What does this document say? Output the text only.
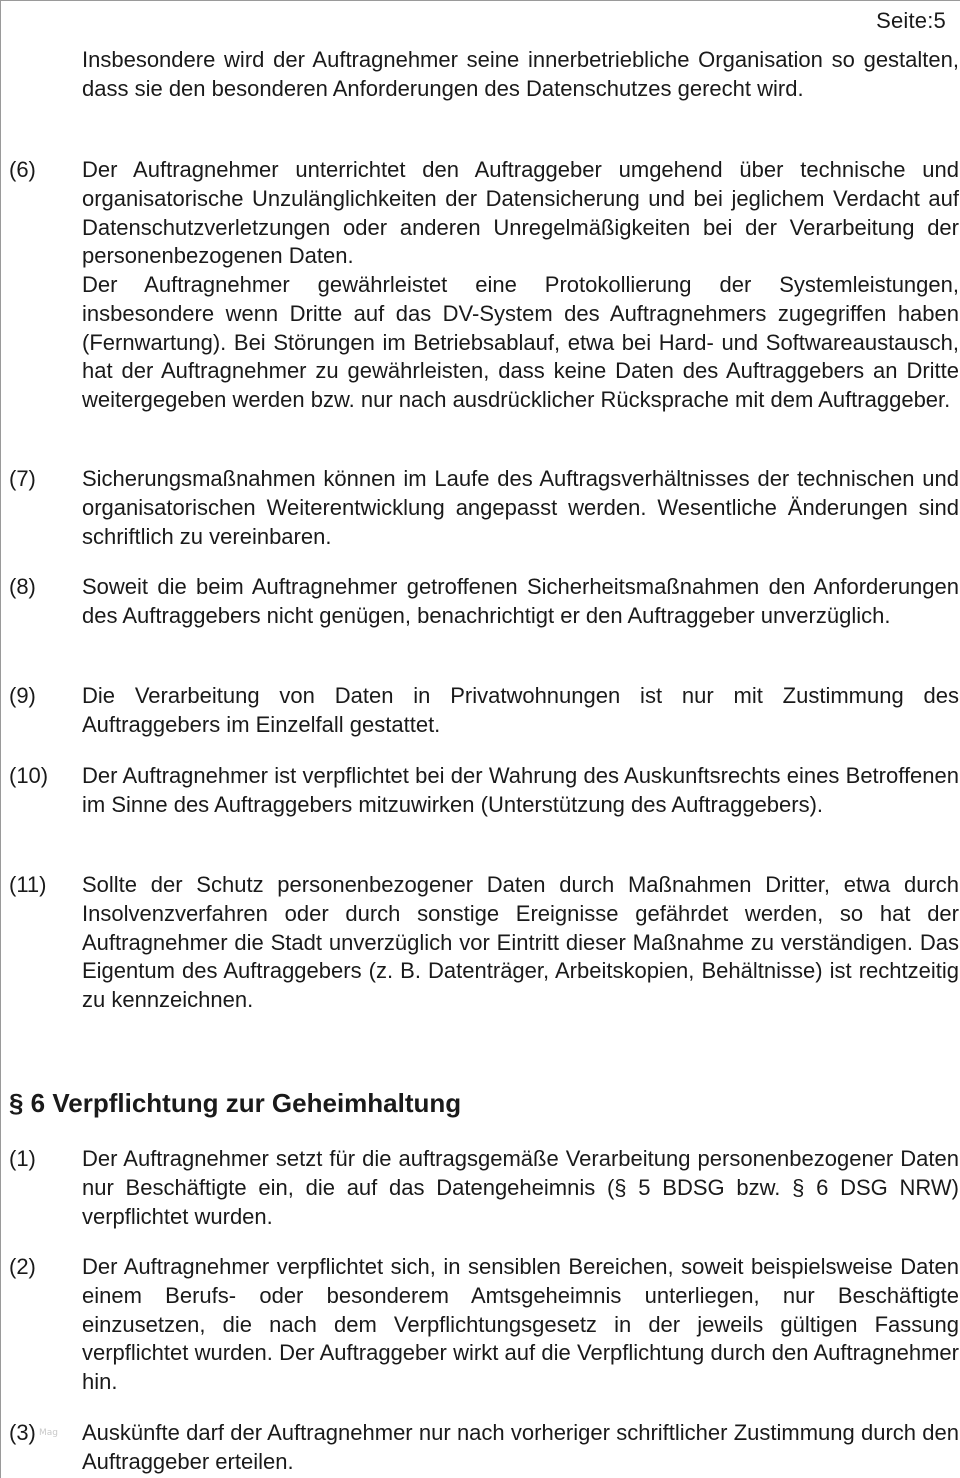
Seite:5
Insbesondere wird der Auftragnehmer seine innerbetriebliche Organisation so gestalten, dass sie den besonderen Anforderungen des Datenschutzes gerecht wird.
(6) Der Auftragnehmer unterrichtet den Auftraggeber umgehend über technische und organisatorische Unzulänglichkeiten der Datensicherung und bei jeglichem Verdacht auf Datenschutzverletzungen oder anderen Unregelmäßigkeiten bei der Verarbeitung der personenbezogenen Daten.

Der Auftragnehmer gewährleistet eine Protokollierung der Systemleistungen, insbesondere wenn Dritte auf das DV-System des Auftragnehmers zugegriffen haben (Fernwartung). Bei Störungen im Betriebsablauf, etwa bei Hard- und Softwareaustausch, hat der Auftragnehmer zu gewährleisten, dass keine Daten des Auftraggebers an Dritte weitergegeben werden bzw. nur nach ausdrücklicher Rücksprache mit dem Auftraggeber.

(7) Sicherungsmaßnahmen können im Laufe des Auftragsverhältnisses der technischen und organisatorischen Weiterentwicklung angepasst werden. Wesentliche Änderungen sind schriftlich zu vereinbaren.
(8) Soweit die beim Auftragnehmer getroffenen Sicherheitsmaßnahmen den Anforderungen des Auftraggebers nicht genügen, benachrichtigt er den Auftraggeber unverzüglich.
(9) Die Verarbeitung von Daten in Privatwohnungen ist nur mit Zustimmung des Auftraggebers im Einzelfall gestattet.
(10) Der Auftragnehmer ist verpflichtet bei der Wahrung des Auskunftsrechts eines Betroffenen im Sinne des Auftraggebers mitzuwirken (Unterstützung des Auftraggebers).
(11) Sollte der Schutz personenbezogener Daten durch Maßnahmen Dritter, etwa durch Insolvenzverfahren oder durch sonstige Ereignisse gefährdet werden, so hat der Auftragnehmer die Stadt unverzüglich vor Eintritt dieser Maßnahme zu verständigen. Das Eigentum des Auftraggebers (z. B. Datenträger, Arbeitskopien, Behältnisse) ist rechtzeitig zu kennzeichnen.
§ 6 Verpflichtung zur Geheimhaltung
(1) Der Auftragnehmer setzt für die auftragsgemäße Verarbeitung personenbezogener Daten nur Beschäftigte ein, die auf das Datengeheimnis (§ 5 BDSG bzw. § 6 DSG NRW) verpflichtet wurden.
(2) Der Auftragnehmer verpflichtet sich, in sensiblen Bereichen, soweit beispielsweise Daten einem Berufs- oder besonderem Amtsgeheimnis unterliegen, nur Beschäftigte einzusetzen, die nach dem Verpflichtungsgesetz in der jeweils gültigen Fassung verpflichtet wurden. Der Auftraggeber wirkt auf die Verpflichtung durch den Auftragnehmer hin.
(3) Auskünfte darf der Auftragnehmer nur nach vorheriger schriftlicher Zustimmung durch den Auftraggeber erteilen.
Mag
